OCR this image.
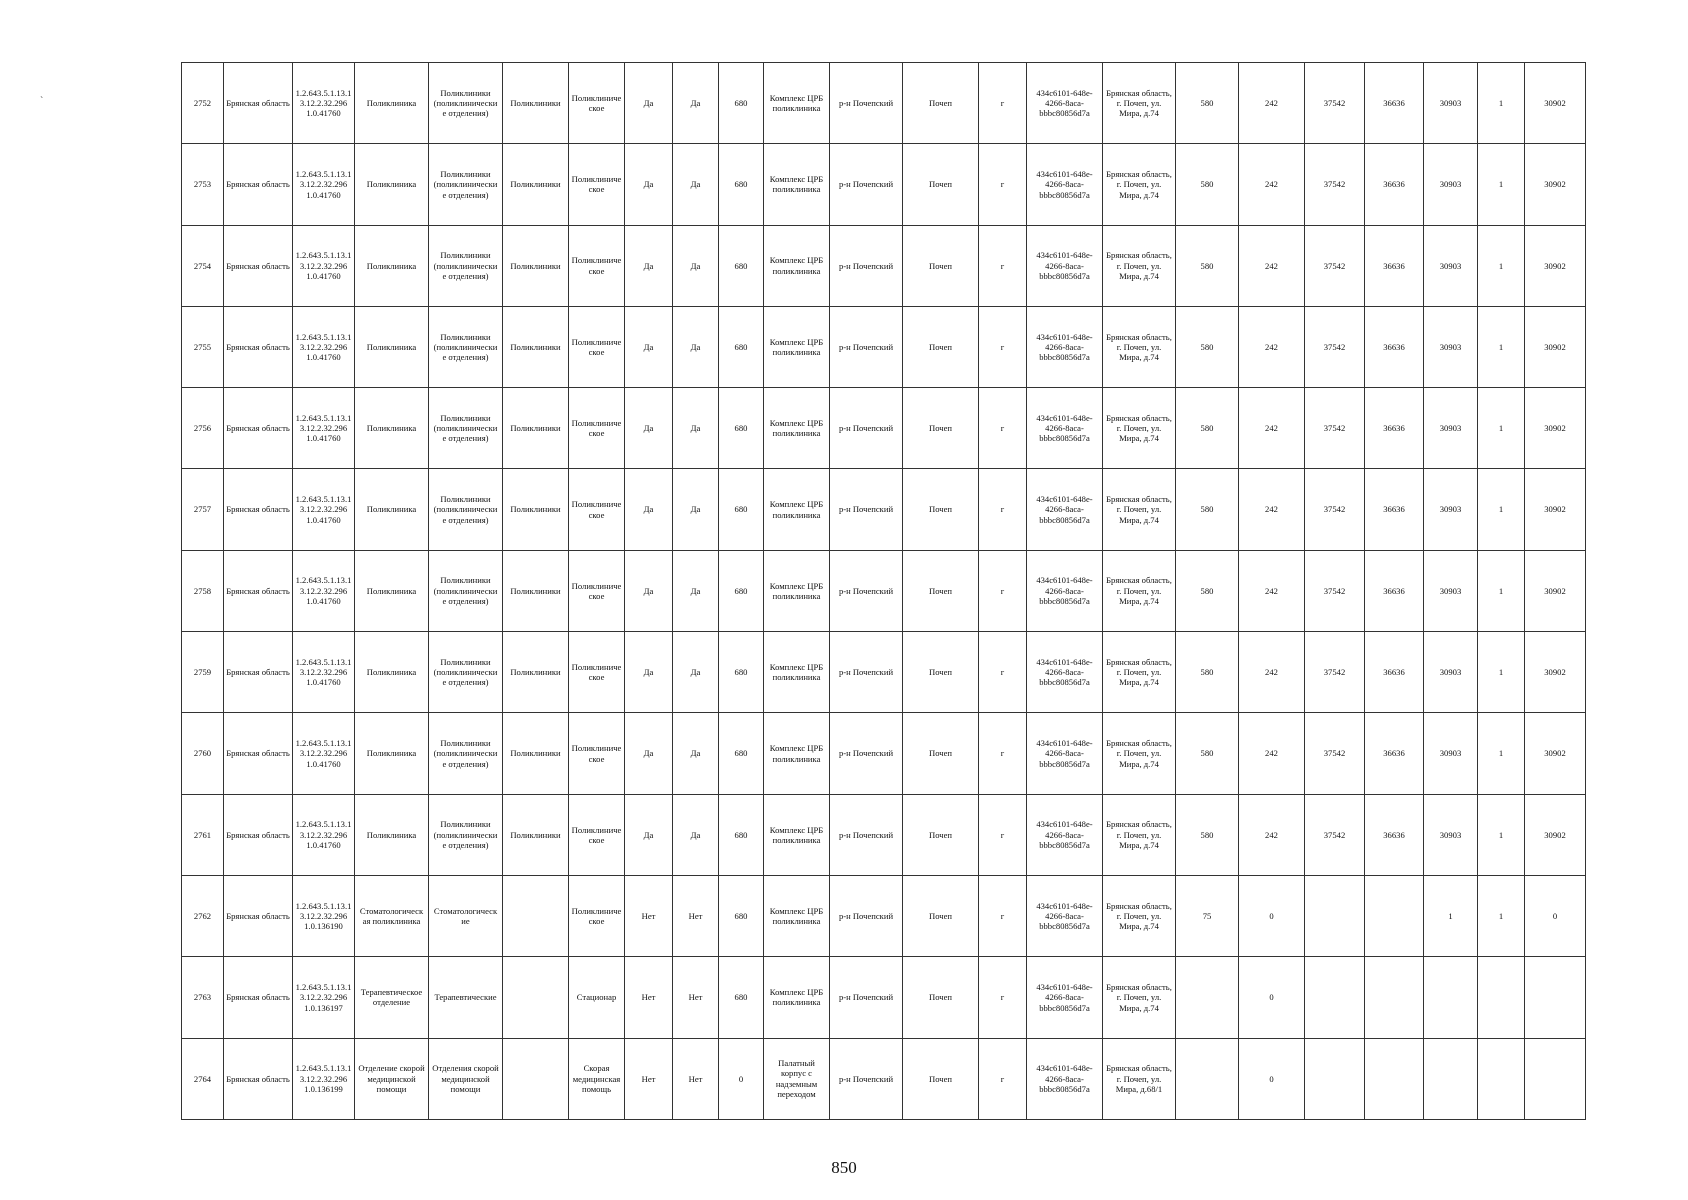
`	2752	Брянская область	1.2.643.5.1.13.13.12.2.32.296 1.0.41760	Поликлиника	Поликлиники (поликлинически е отделения)	Поликлиники	Поликлиниче ское	Да	Да	680	Комплекс ЦРБ поликлиника	р-н Почепский	Почеп	г	434c6101-648e-4266-8aca-bbbc80856d7a	Брянская область, г. Почеп, ул. Мира, д.74	580	242	37542	36636	30903	1	30902
2753	Брянская область	1.2.643.5.1.13.13.12.2.32.296 1.0.41760	Поликлиника	Поликлиники (поликлинически е отделения)	Поликлиники	Поликлиниче ское	Да	Да	680	Комплекс ЦРБ поликлиника	р-н Почепский	Почеп	г	434c6101-648e-4266-8aca-bbbc80856d7a	Брянская область, г. Почеп, ул. Мира, д.74	580	242	37542	36636	30903	1	30902
2754	Брянская область	1.2.643.5.1.13.13.12.2.32.296 1.0.41760	Поликлиника	Поликлиники (поликлинически е отделения)	Поликлиники	Поликлиниче ское	Да	Да	680	Комплекс ЦРБ поликлиника	р-н Почепский	Почеп	г	434c6101-648e-4266-8aca-bbbc80856d7a	Брянская область, г. Почеп, ул. Мира, д.74	580	242	37542	36636	30903	1	30902
2755	Брянская область	1.2.643.5.1.13.13.12.2.32.296 1.0.41760	Поликлиника	Поликлиники (поликлинически е отделения)	Поликлиники	Поликлиниче ское	Да	Да	680	Комплекс ЦРБ поликлиника	р-н Почепский	Почеп	г	434c6101-648e-4266-8aca-bbbc80856d7a	Брянская область, г. Почеп, ул. Мира, д.74	580	242	37542	36636	30903	1	30902
2756	Брянская область	1.2.643.5.1.13.13.12.2.32.296 1.0.41760	Поликлиника	Поликлиники (поликлинически е отделения)	Поликлиники	Поликлиниче ское	Да	Да	680	Комплекс ЦРБ поликлиника	р-н Почепский	Почеп	г	434c6101-648e-4266-8aca-bbbc80856d7a	Брянская область, г. Почеп, ул. Мира, д.74	580	242	37542	36636	30903	1	30902
2757	Брянская область	1.2.643.5.1.13.13.12.2.32.296 1.0.41760	Поликлиника	Поликлиники (поликлинически е отделения)	Поликлиники	Поликлиниче ское	Да	Да	680	Комплекс ЦРБ поликлиника	р-н Почепский	Почеп	г	434c6101-648e-4266-8aca-bbbc80856d7a	Брянская область, г. Почеп, ул. Мира, д.74	580	242	37542	36636	30903	1	30902
2758	Брянская область	1.2.643.5.1.13.13.12.2.32.296 1.0.41760	Поликлиника	Поликлиники (поликлинически е отделения)	Поликлиники	Поликлиниче ское	Да	Да	680	Комплекс ЦРБ поликлиника	р-н Почепский	Почеп	г	434c6101-648e-4266-8aca-bbbc80856d7a	Брянская область, г. Почеп, ул. Мира, д.74	580	242	37542	36636	30903	1	30902
2759	Брянская область	1.2.643.5.1.13.13.12.2.32.296 1.0.41760	Поликлиника	Поликлиники (поликлинически е отделения)	Поликлиники	Поликлиниче ское	Да	Да	680	Комплекс ЦРБ поликлиника	р-н Почепский	Почеп	г	434c6101-648e-4266-8aca-bbbc80856d7a	Брянская область, г. Почеп, ул. Мира, д.74	580	242	37542	36636	30903	1	30902
2760	Брянская область	1.2.643.5.1.13.13.12.2.32.296 1.0.41760	Поликлиника	Поликлиники (поликлинически е отделения)	Поликлиники	Поликлиниче ское	Да	Да	680	Комплекс ЦРБ поликлиника	р-н Почепский	Почеп	г	434c6101-648e-4266-8aca-bbbc80856d7a	Брянская область, г. Почеп, ул. Мира, д.74	580	242	37542	36636	30903	1	30902
2761	Брянская область	1.2.643.5.1.13.13.12.2.32.296 1.0.41760	Поликлиника	Поликлиники (поликлинически е отделения)	Поликлиники	Поликлиниче ское	Да	Да	680	Комплекс ЦРБ поликлиника	р-н Почепский	Почеп	г	434c6101-648e-4266-8aca-bbbc80856d7a	Брянская область, г. Почеп, ул. Мира, д.74	580	242	37542	36636	30903	1	30902
2762	Брянская область	1.2.643.5.1.13.13.12.2.32.296 1.0.136190	Стоматологическ ая поликлиника	Стоматологическ ие		Поликлиниче ское	Нет	Нет	680	Комплекс ЦРБ поликлиника	р-н Почепский	Почеп	г	434c6101-648e-4266-8aca-bbbc80856d7a	Брянская область, г. Почеп, ул. Мира, д.74	75	0			1	1	0
2763	Брянская область	1.2.643.5.1.13.13.12.2.32.296 1.0.136197	Терапевтическое отделение	Терапевтические		Стационар	Нет	Нет	680	Комплекс ЦРБ поликлиника	р-н Почепский	Почеп	г	434c6101-648e-4266-8aca-bbbc80856d7a	Брянская область, г. Почеп, ул. Мира, д.74		0					
2764	Брянская область	1.2.643.5.1.13.13.12.2.32.296 1.0.136199	Отделение скорой медицинской помощи	Отделения скорой медицинской помощи		Скорая медицинская помощь	Нет	Нет	0	Палатный корпус с надземным переходом	р-н Почепский	Почеп	г	434c6101-648e-4266-8aca-bbbc80856d7a	Брянская область, г. Почеп, ул. Мира, д.68/1		0					
850
